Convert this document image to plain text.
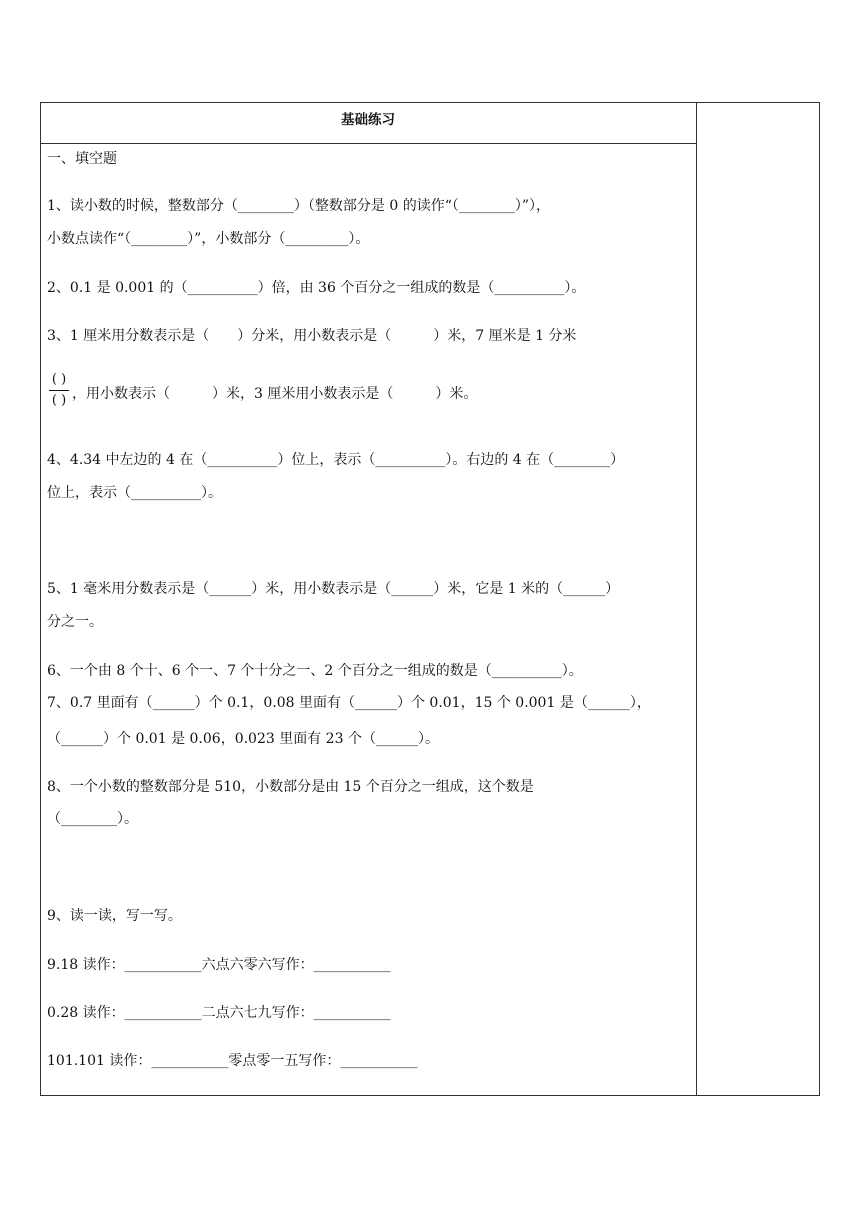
基础练习
一、填空题
1、读小数的时候，整数部分（________）（整数部分是 0 的读作“（________）”），
小数点读作“（________）”，小数部分（_________）。
2、0.1 是 0.001 的（__________）倍，由 36 个百分之一组成的数是（__________）。
3、1 厘米用分数表示是（　　）分米，用小数表示是（　　　）米，7 厘米是 1 分米
( )
( ) ，用小数表示（　　　）米，3 厘米用小数表示是（　　　）米。
4、4.34 中左边的 4 在（__________）位上，表示（__________）。右边的 4 在（________）
位上，表示（__________）。
5、1 毫米用分数表示是（______）米，用小数表示是（______）米，它是 1 米的（______）
分之一。
6、一个由 8 个十、6 个一、7 个十分之一、2 个百分之一组成的数是（__________）。
7、0.7 里面有（______）个 0.1，0.08 里面有（______）个 0.01，15 个 0.001 是（______），
（______）个 0.01 是 0.06，0.023 里面有 23 个（______）。
8、一个小数的整数部分是 510，小数部分是由 15 个百分之一组成，这个数是
（________）。
9、读一读，写一写。
9.18 读作：___________六点六零六写作：___________
0.28 读作：___________二点六七九写作：___________
101.101 读作：___________零点零一五写作：___________
